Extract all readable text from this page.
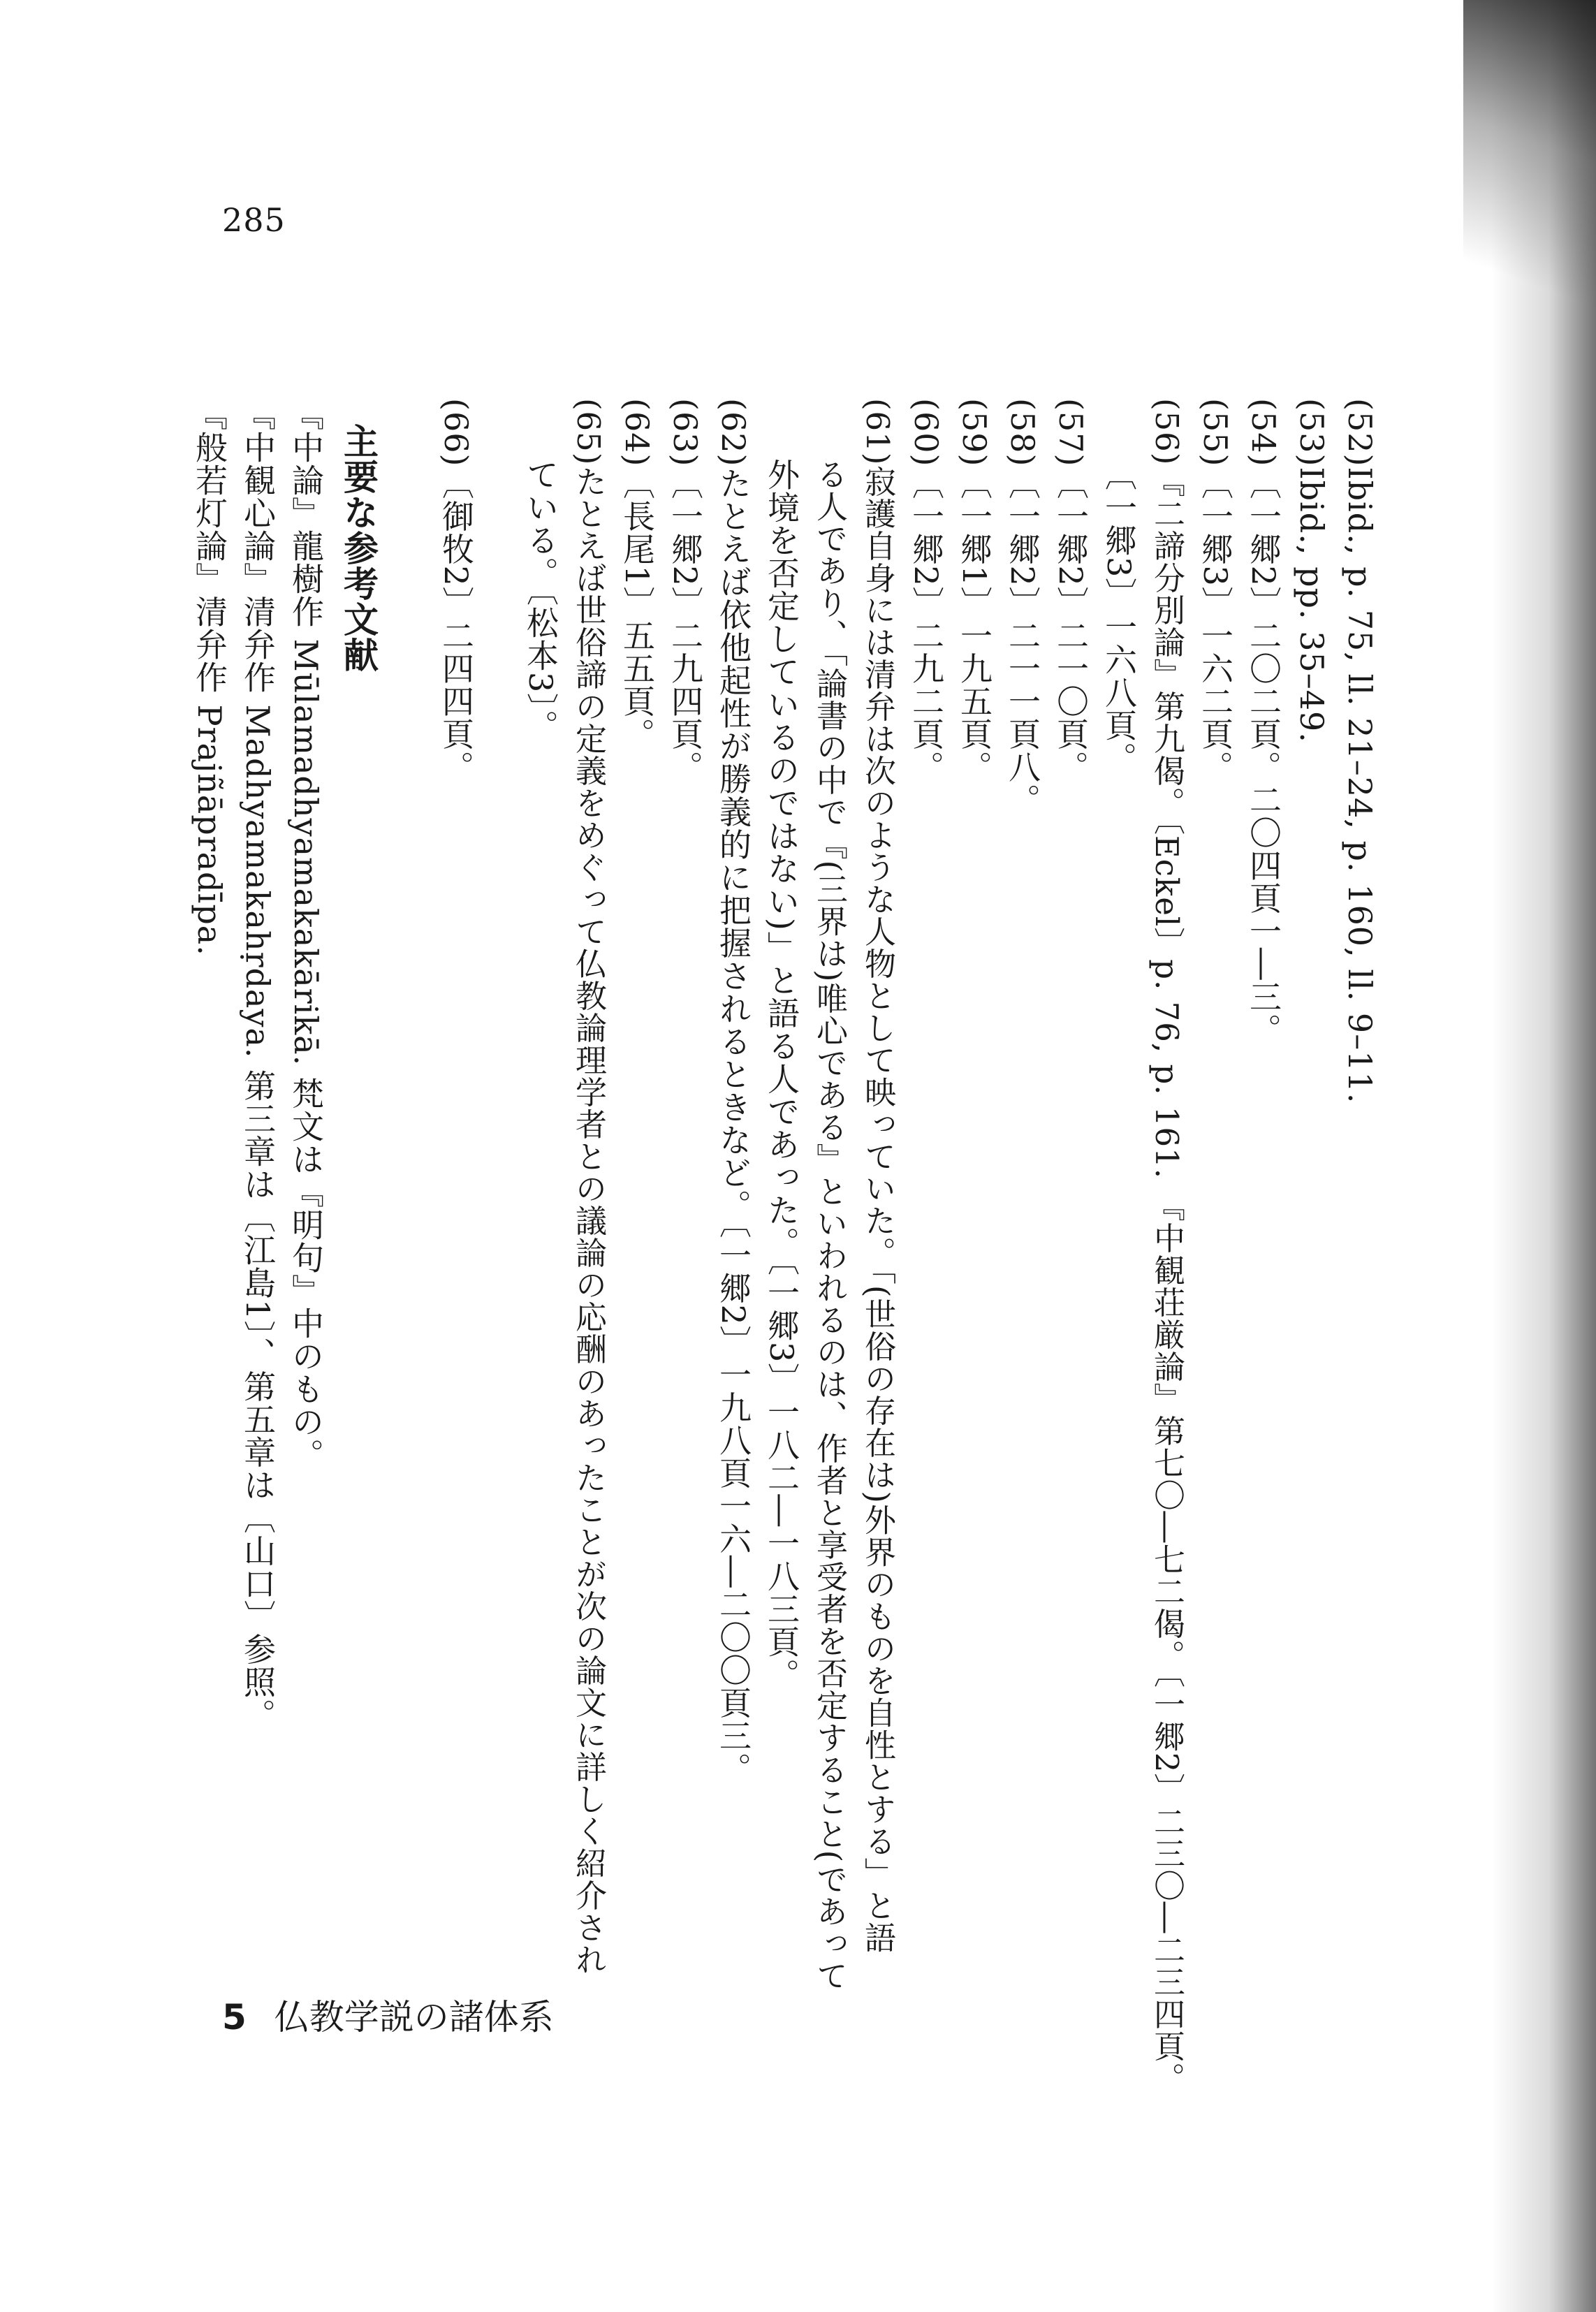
285
(52)Ibid., p. 75, ll. 21–24, p. 160, ll. 9–11.
(53)Ibid., pp. 35–49.
(54)〔一郷2〕二〇二頁。二〇四頁一―三。
(55)〔一郷3〕一六二頁。
(56)『二諦分別論』第九偈。〔Eckel〕p. 76, p. 161. 『中観荘厳論』第七〇―七二偈。〔一郷2〕二三〇―二三四頁。
〔一郷3〕一六八頁。
(57)〔一郷2〕二一〇頁。
(58)〔一郷2〕二一一頁八。
(59)〔一郷1〕一九五頁。
(60)〔一郷2〕二九二頁。
(61)寂護自身には清弁は次のような人物として映っていた。「(世俗の存在は)外界のものを自性とする」と語
る人であり、「論書の中で『(三界は)唯心である』といわれるのは、作者と享受者を否定すること(であって
外境を否定しているのではない)」と語る人であった。〔一郷3〕一八二―一八三頁。
(62)たとえば依他起性が勝義的に把握されるときなど。〔一郷2〕一九八頁一六―二〇〇頁三。
(63)〔一郷2〕二九四頁。
(64)〔長尾1〕五五頁。
(65)たとえば世俗諦の定義をめぐって仏教論理学者との議論の応酬のあったことが次の論文に詳しく紹介され
ている。〔松本3〕。
(66)〔御牧2〕二四四頁。
主要な参考文献
『中論』龍樹作 Mūlamadhyamakakārikā. 梵文は『明句』中のもの。
『中観心論』清弁作 Madhyamakahṛdaya. 第三章は〔江島1〕、第五章は〔山口〕参照。
『般若灯論』清弁作 Prajñāpradīpa.
5 仏教学説の諸体系
